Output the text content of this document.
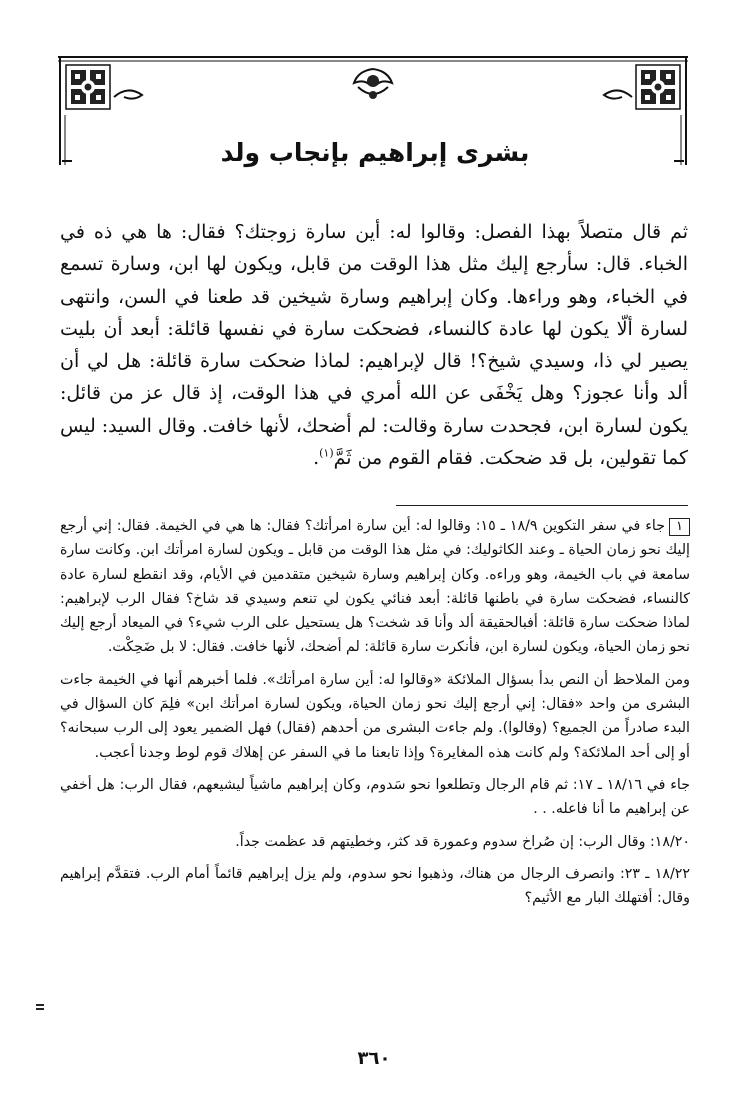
بشرى إبراهيم بإنجاب ولد

ثم قال متصلاً بهذا الفصل: وقالوا له: أين سارة زوجتك؟ فقال: ها هي ذه في الخباء. قال: سأرجع إليك مثل هذا الوقت من قابل، ويكون لها ابن، وسارة تسمع في الخباء، وهو وراءها. وكان إبراهيم وسارة شيخين قد طعنا في السن، وانتهى لسارة ألّا يكون لها عادة كالنساء، فضحكت سارة في نفسها قائلة: أبعد أن بليت يصير لي ذا، وسيدي شيخ؟! قال لإبراهيم: لماذا ضحكت سارة قائلة: هل لي أن ألد وأنا عجوز؟ وهل يَخْفَى عن الله أمري في هذا الوقت، إذ قال عز من قائل: يكون لسارة ابن، فجحدت سارة وقالت: لم أضحك، لأنها خافت. وقال السيد: ليس كما تقولين، بل قد ضحكت. فقام القوم من ثَمَّ$^{(١)}$.

١جاء في سفر التكوين ١٨/٩ ـ ١٥: وقالوا له: أين سارة امرأتك؟ فقال: ها هي في الخيمة. فقال: إني أرجع إليك نحو زمان الحياة ـ وعند الكاثوليك: في مثل هذا الوقت من قابل ـ ويكون لسارة امرأتك ابن. وكانت سارة سامعة في باب الخيمة، وهو وراءه. وكان إبراهيم وسارة شيخين متقدمين في الأيام، وقد انقطع لسارة عادة كالنساء، فضحكت سارة في باطنها قائلة: أبعد فنائي يكون لي تنعم وسيدي قد شاخ؟ فقال الرب لإبراهيم: لماذا ضحكت سارة قائلة: أفبالحقيقة ألد وأنا قد شخت؟ هل يستحيل على الرب شيء؟ في الميعاد أرجع إليك نحو زمان الحياة، ويكون لسارة ابن، فأنكرت سارة قائلة: لم أضحك، لأنها خافت. فقال: لا بل ضَحِكْت.

ومن الملاحظ أن النص بدأ بسؤال الملائكة «وقالوا له: أين سارة امرأتك». فلما أخبرهم أنها في الخيمة جاءت البشرى من واحد «فقال: إني أرجع إليك نحو زمان الحياة، ويكون لسارة امرأتك ابن» فلِمَ كان السؤال في البدء صادراً من الجميع؟ (وقالوا). ولم جاءت البشرى من أحدهم (فقال) فهل الضمير يعود إلى الرب سبحانه؟ أو إلى أحد الملائكة؟ ولم كانت هذه المغايرة؟ وإذا تابعنا ما في السفر عن إهلاك قوم لوط وجدنا أعجب.

جاء في ١٨/١٦ ـ ١٧: ثم قام الرجال وتطلعوا نحو سَدوم، وكان إبراهيم ماشياً ليشيعهم، فقال الرب: هل أخفي عن إبراهيم ما أنا فاعله. . .

١٨/٢٠: وقال الرب: إن صُراخ سدوم وعمورة قد كثر، وخطيتهم قد عظمت جداً.

١٨/٢٢ ـ ٢٣: وانصرف الرجال من هناك، وذهبوا نحو سدوم، ولم يزل إبراهيم قائماً أمام الرب. فتقدَّم إبراهيم وقال: أفتهلك البار مع الأثيم؟

٣٦٠
